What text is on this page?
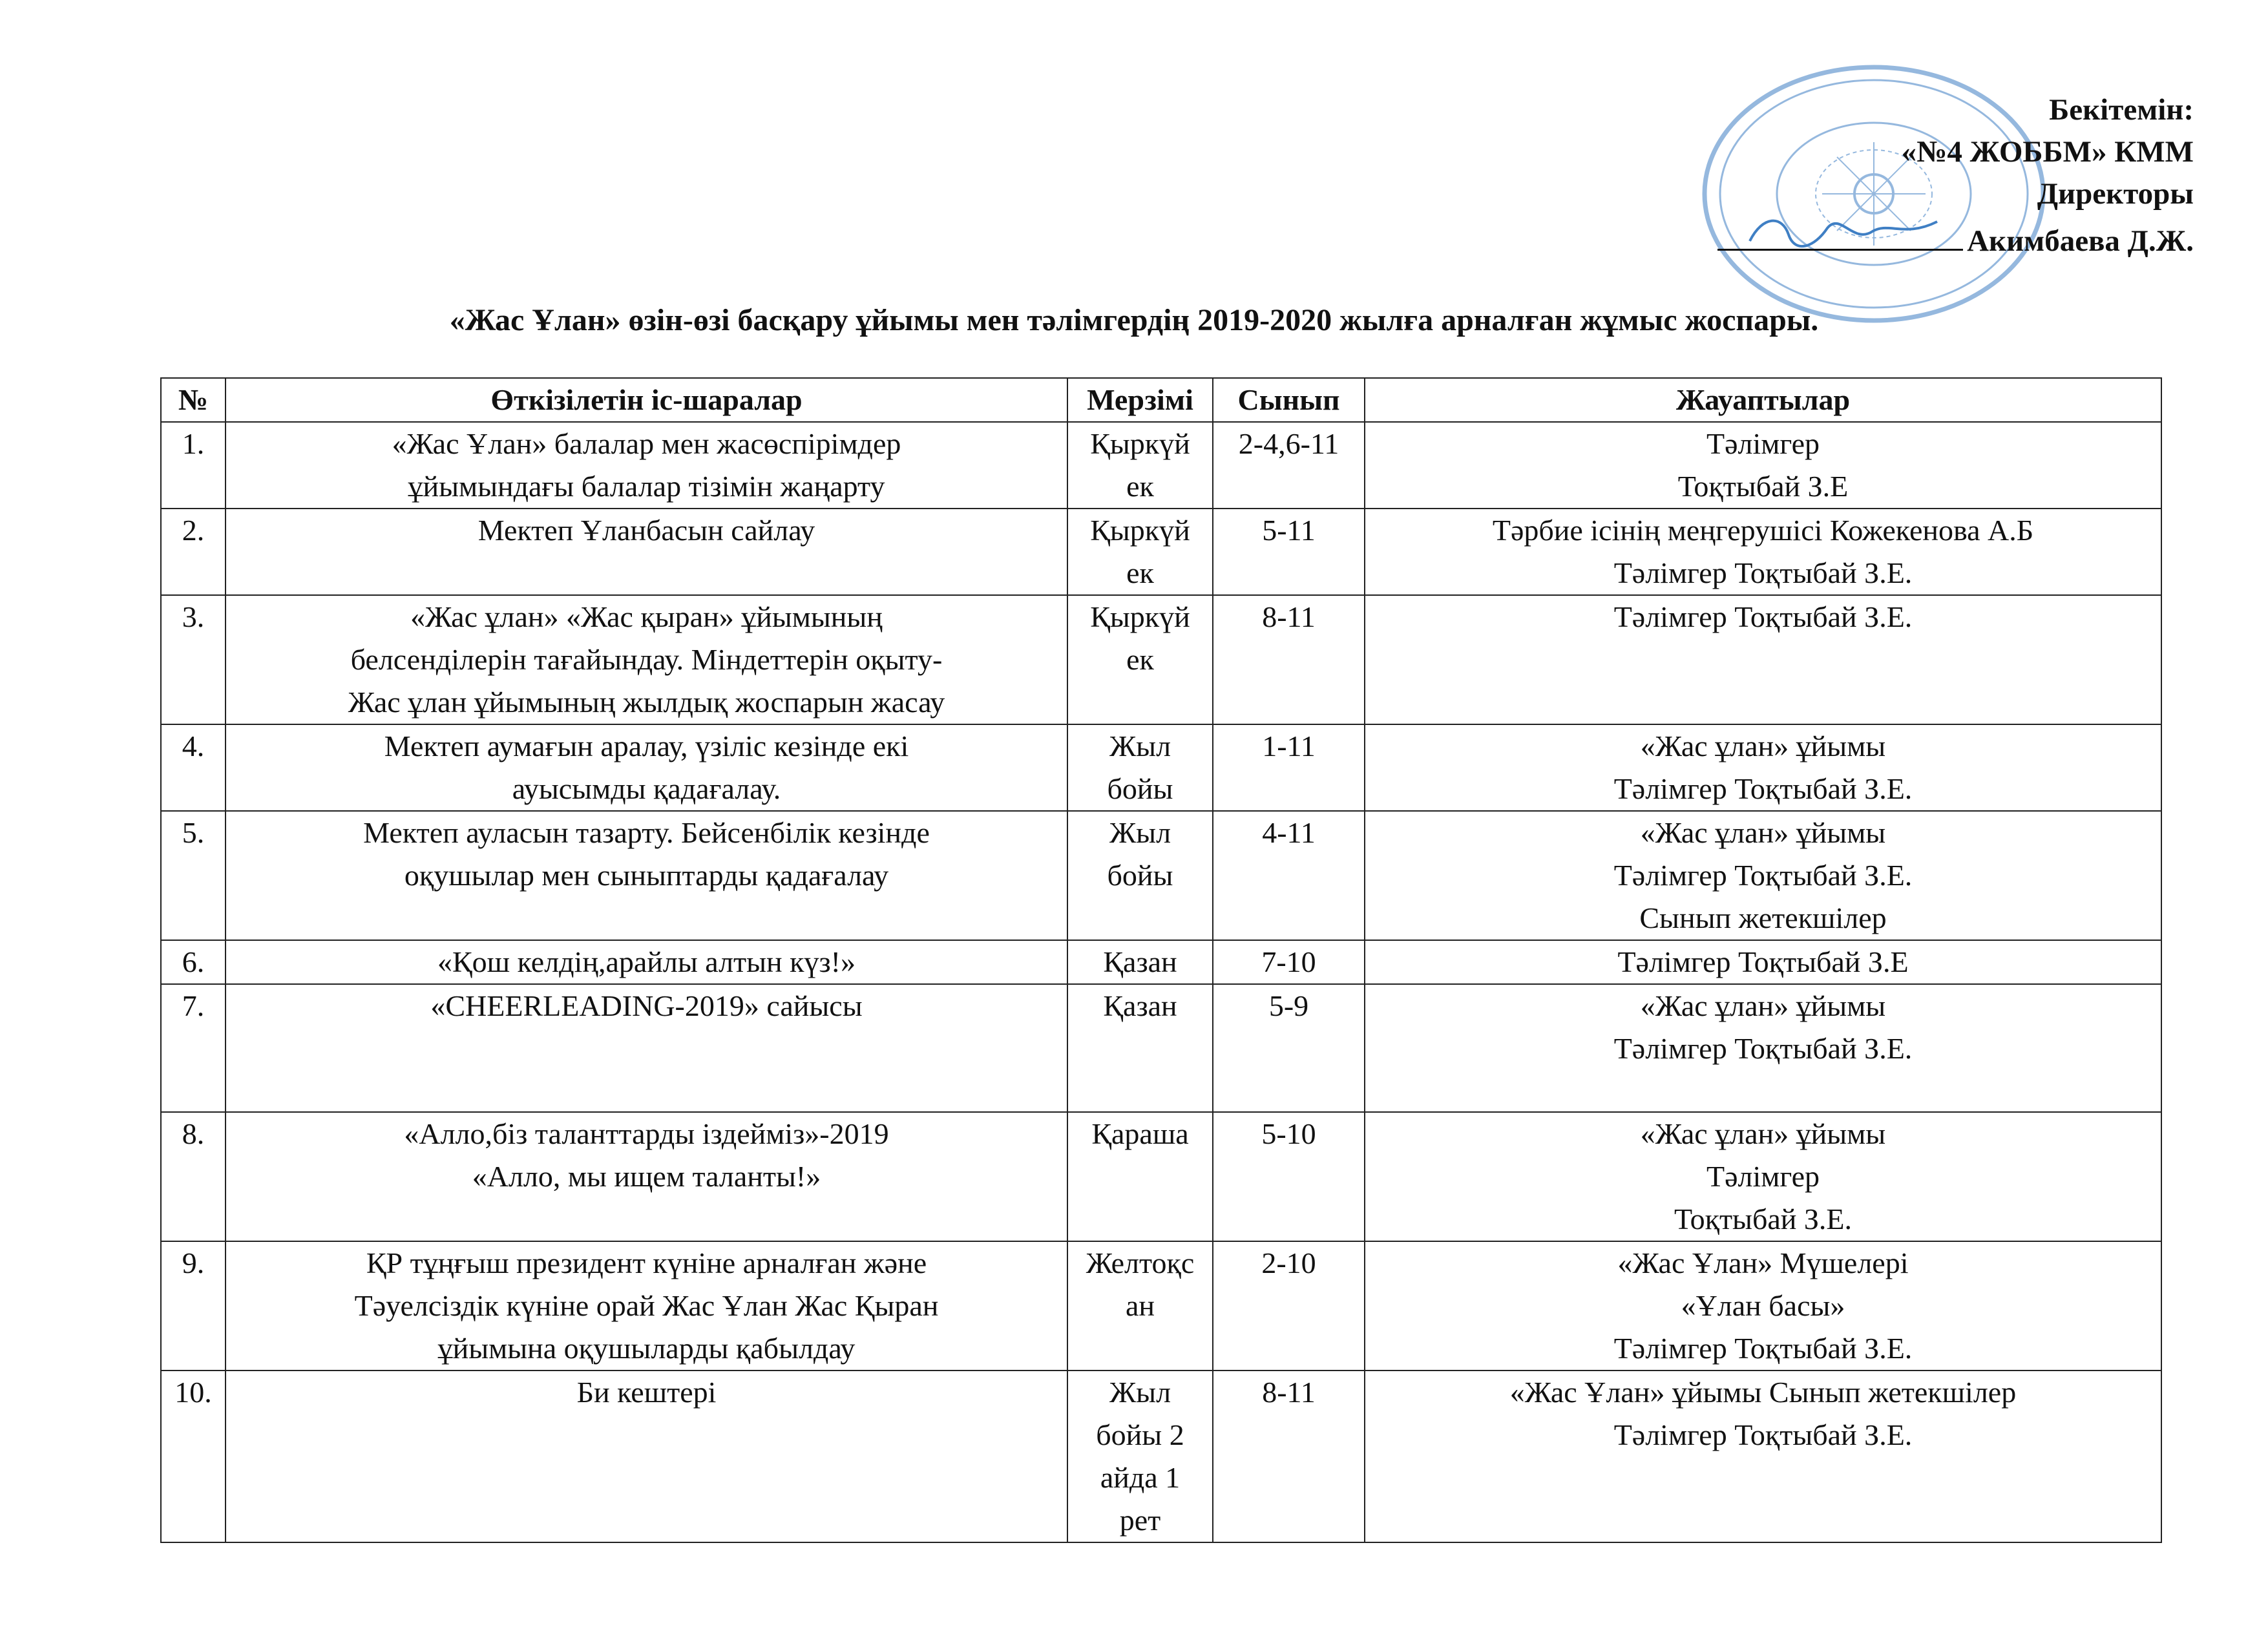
Бекітемін:
«№4 ЖОББМ» КММ
Директоры
Акимбаева Д.Ж.
«Жас Ұлан» өзін-өзі басқару ұйымы мен тәлімгердің 2019-2020 жылға арналған жұмыс жоспары.
№	Өткізілетін іс-шаралар	Мерзімі	Сынып	Жауаптылар
1.	«Жас Ұлан» балалар мен жасөспірімдер
ұйымындағы балалар тізімін жаңарту	Қыркүй
ек	2-4,6-11	Тәлімгер
Тоқтыбай З.Е

2.	Мектеп Ұланбасын сайлау	Қыркүй
ек	5-11	Тәрбие ісінің меңгерушісі Кожекенова А.Б
Тәлімгер Тоқтыбай З.Е.

3.	«Жас ұлан» «Жас қыран» ұйымының
белсенділерін тағайындау. Міндеттерін оқыту-
Жас ұлан ұйымының жылдық жоспарын жасау	Қыркүй
ек	8-11	Тәлімгер Тоқтыбай З.Е.

4.	Мектеп аумағын аралау, үзіліс кезінде екі
ауысымды қадағалау.	Жыл
бойы	1-11	«Жас ұлан» ұйымы
Тәлімгер Тоқтыбай З.Е.

5.	Мектеп ауласын тазарту. Бейсенбілік кезінде
оқушылар мен сыныптарды қадағалау	Жыл
бойы	4-11	«Жас ұлан» ұйымы
Тәлімгер Тоқтыбай З.Е.
Сынып жетекшілер

6.	«Қош келдің,арайлы алтын күз!»	Қазан	7-10	Тәлімгер Тоқтыбай З.Е

7.	«CHEERLEADING-2019» сайысы	Қазан	5-9	«Жас ұлан» ұйымы
Тәлімгер Тоқтыбай З.Е.

8.	«Алло,біз таланттарды іздейміз»-2019
«Алло, мы ищем таланты!»	Қараша	5-10	«Жас ұлан» ұйымы
Тәлімгер
Тоқтыбай З.Е.

9.	ҚР тұңғыш президент күніне арналған және
Тәуелсіздік күніне орай Жас Ұлан Жас Қыран
ұйымына оқушыларды қабылдау	Желтоқс
ан	2-10	«Жас Ұлан» Мүшелері
«Ұлан басы»
Тәлімгер Тоқтыбай З.Е.

10.	Би кештері	Жыл
бойы 2
айда 1
рет	8-11	«Жас Ұлан» ұйымы Сынып жетекшілер
Тәлімгер Тоқтыбай З.Е.
